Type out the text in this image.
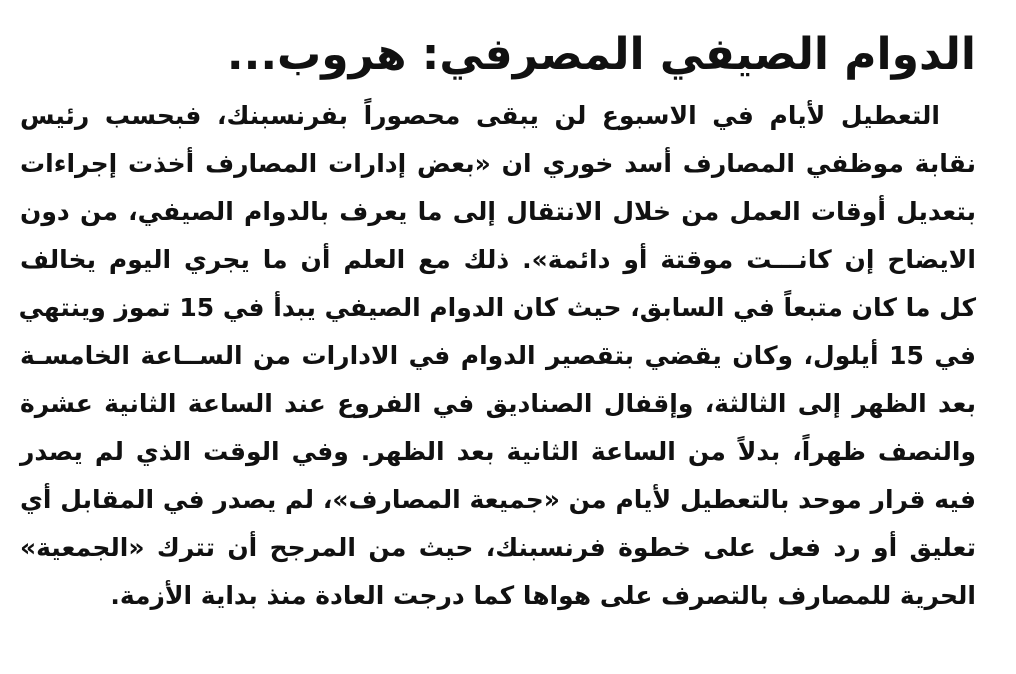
الدوام الصيفي المصرفي: هروب...
التعطيل لأيام في الاسبوع لن يبقى محصوراً بفرنسبنك، فبحسب رئيس
نقابة موظفي المصارف أسد خوري ان «بعض إدارات المصارف أخذت إجراءات
بتعديل أوقات العمل من خلال الانتقال إلى ما يعرف بالدوام الصيفي، من دون
الايضاح إن كانـــت موقتة أو دائمة». ذلك مع العلم أن ما يجري اليوم يخالف
كل ما كان متبعاً في السابق، حيث كان الدوام الصيفي يبدأ في 15 تموز وينتهي
في 15 أيلول، وكان يقضي بتقصير الدوام في الادارات من الســاعة الخامسـة
بعد الظهر إلى الثالثة، وإقفال الصناديق في الفروع عند الساعة الثانية عشرة
والنصف ظهراً، بدلاً من الساعة الثانية بعد الظهر. وفي الوقت الذي لم يصدر
فيه قرار موحد بالتعطيل لأيام من «جميعة المصارف»، لم يصدر في المقابل أي
تعليق أو رد فعل على خطوة فرنسبنك، حيث من المرجح أن تترك «الجمعية»
الحرية للمصارف بالتصرف على هواها كما درجت العادة منذ بداية الأزمة.
